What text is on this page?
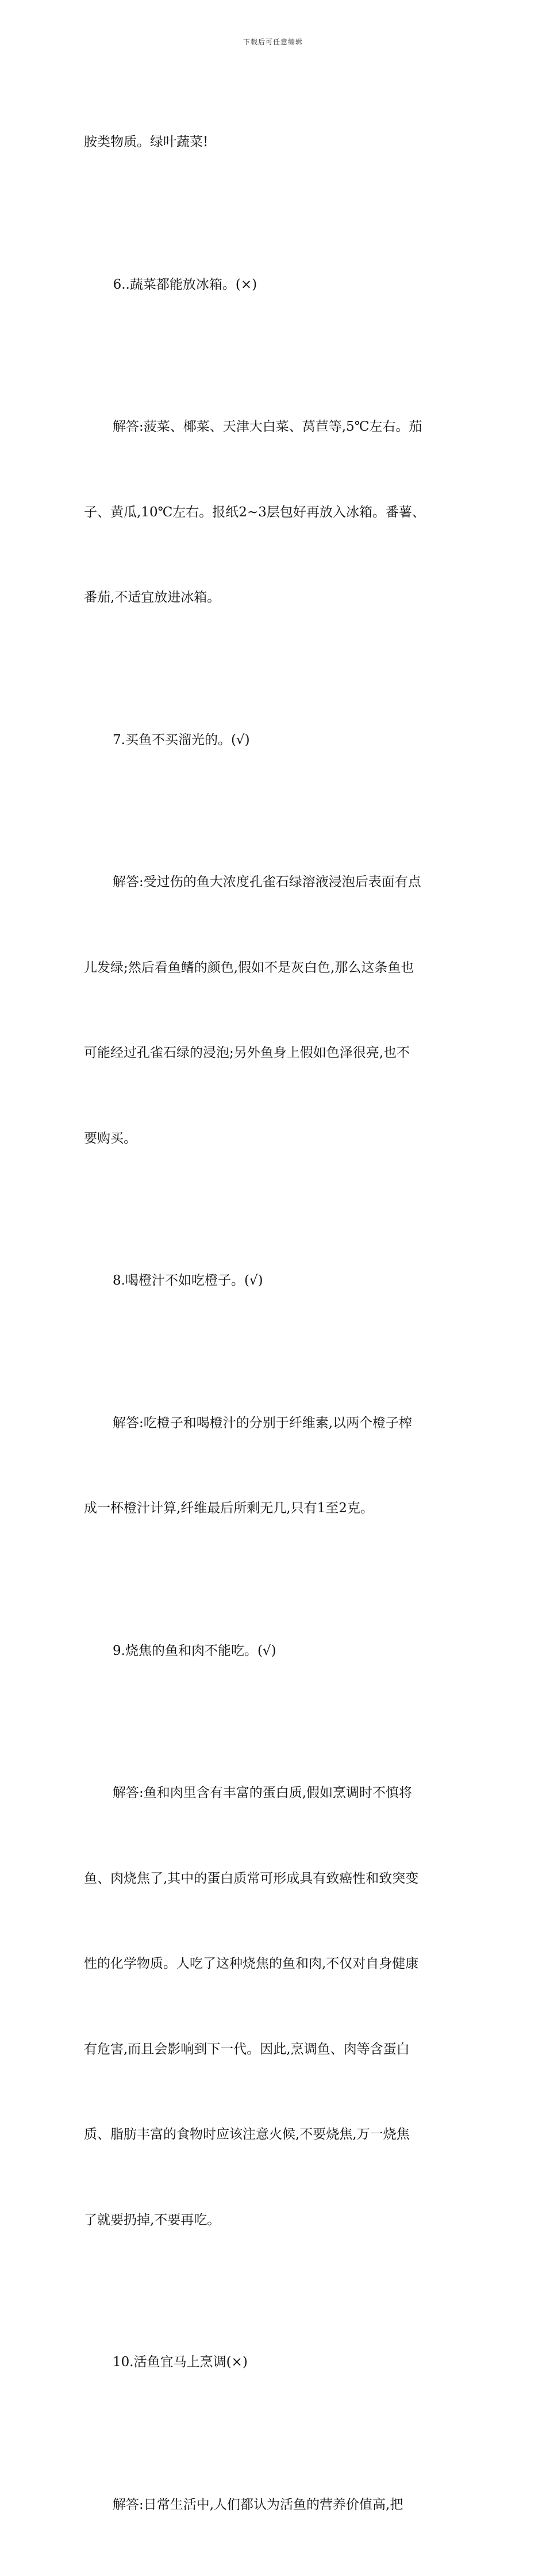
下载后可任意编辑

胺类物质。绿叶蔬菜!

6..蔬菜都能放冰箱。(×)

解答:菠菜、椰菜、天津大白菜、莴苣等,5℃左右。茄

子、黄瓜,10℃左右。报纸2~3层包好再放入冰箱。番薯、

番茄,不适宜放进冰箱。

7.买鱼不买溜光的。(√)

解答:受过伤的鱼大浓度孔雀石绿溶液浸泡后表面有点

儿发绿;然后看鱼鳍的颜色,假如不是灰白色,那么这条鱼也

可能经过孔雀石绿的浸泡;另外鱼身上假如色泽很亮,也不

要购买。

8.喝橙汁不如吃橙子。(√)

解答:吃橙子和喝橙汁的分别于纤维素,以两个橙子榨

成一杯橙汁计算,纤维最后所剩无几,只有1至2克。

9.烧焦的鱼和肉不能吃。(√)

解答:鱼和肉里含有丰富的蛋白质,假如烹调时不慎将

鱼、肉烧焦了,其中的蛋白质常可形成具有致癌性和致突变

性的化学物质。人吃了这种烧焦的鱼和肉,不仅对自身健康

有危害,而且会影响到下一代。因此,烹调鱼、肉等含蛋白

质、脂肪丰富的食物时应该注意火候,不要烧焦,万一烧焦

了就要扔掉,不要再吃。

10.活鱼宜马上烹调(×)

解答:日常生活中,人们都认为活鱼的营养价值高,把
